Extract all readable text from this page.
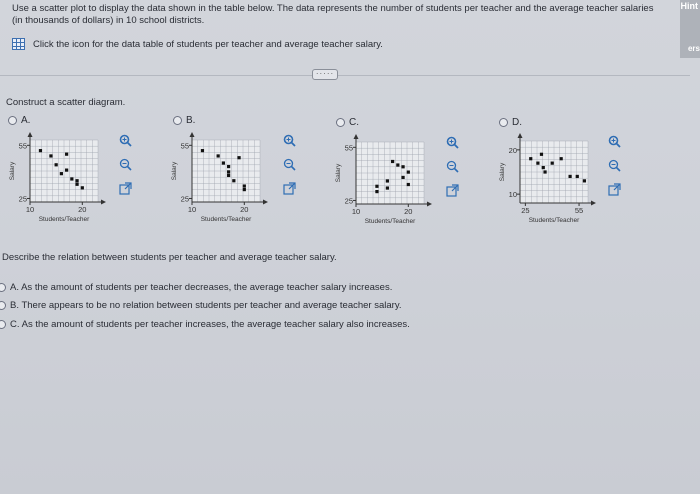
Use a scatter plot to display the data shown in the table below. The data represents the number of students per teacher and the average teacher salaries (in thousands of dollars) in 10 school districts.
Click the icon for the data table of students per teacher and average teacher salary.
·····
Hint
ers
Construct a scatter diagram.
A.	B.	C.	D.
25
55
10	20
Students/Teacher
Salary
25
55
10	20
Students/Teacher
Salary
25
55
10	20
Students/Teacher
Salary
10
20
25	55
Students/Teacher
Salary
Describe the relation between students per teacher and average teacher salary.
A. As the amount of students per teacher decreases, the average teacher salary increases.
B. There appears to be no relation between students per teacher and average teacher salary.
C. As the amount of students per teacher increases, the average teacher salary also increases.
